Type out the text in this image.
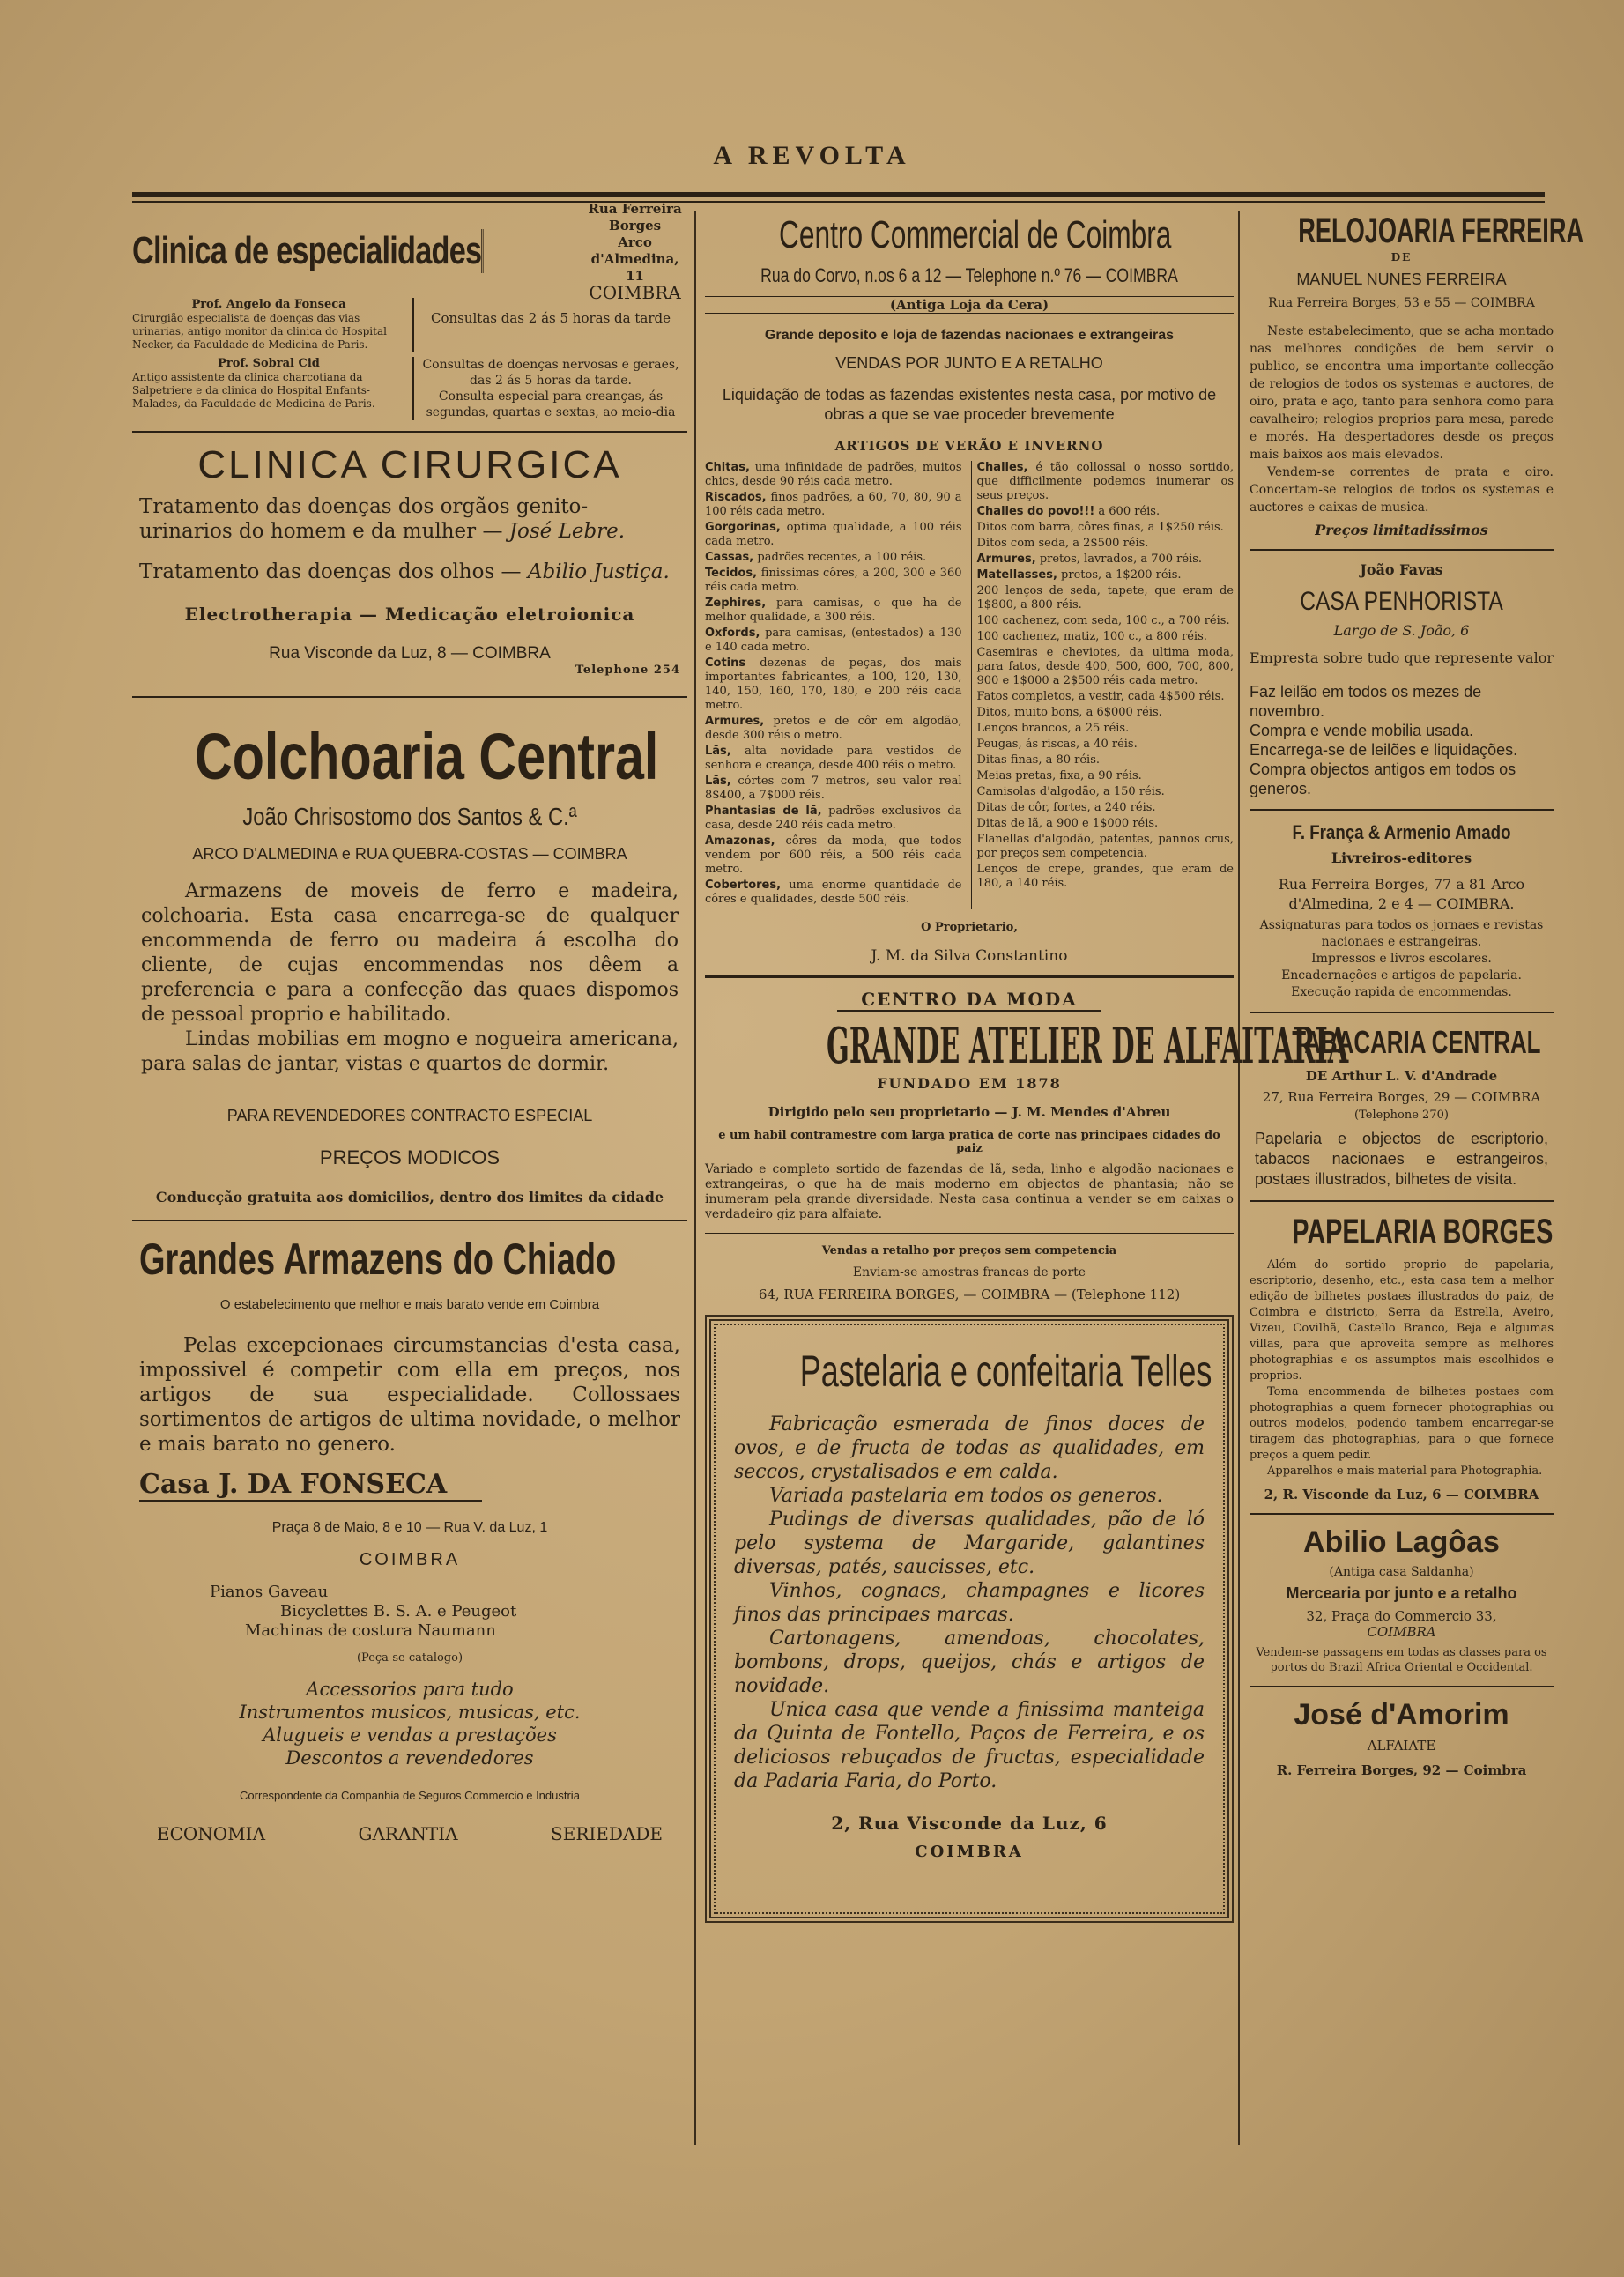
A REVOLTA
Clinica de especialidades
Rua Ferreira Borges
Arco d'Almedina, 11
COIMBRA
Prof. Angelo da Fonseca
Cirurgião especialista de doenças das vias urinarias, antigo monitor da clinica do Hospital Necker, da Faculdade de Medicina de Paris.
Consultas das 2 ás 5 horas da tarde
Prof. Sobral Cid
Antigo assistente da clinica charcotiana da Salpetriere e da clinica do Hospital Enfants-Malades, da Faculdade de Medicina de Paris.
Consultas de doenças nervosas e geraes, das 2 ás 5 horas da tarde.
Consulta especial para creanças, ás segundas, quartas e sextas, ao meio-dia
CLINICA CIRURGICA

Tratamento das doenças dos orgãos genito-urinarios do homem e da mulher — José Lebre.

Tratamento das doenças dos olhos — Abilio Justiça.

Electrotherapia — Medicação eletroionica
Rua Visconde da Luz, 8 — COIMBRA
Telephone 254
Colchoaria Central
João Chrisostomo dos Santos & C.ª
ARCO D'ALMEDINA e RUA QUEBRA-COSTAS — COIMBRA

Armazens de moveis de ferro e madeira, colchoaria. Esta casa encarrega-se de qualquer encommenda de ferro ou madeira á escolha do cliente, de cujas encommendas nos dêem a preferencia e para a confecção das quaes dispomos de pessoal proprio e habilitado.

Lindas mobilias em mogno e nogueira americana, para salas de jantar, vistas e quartos de dormir.

PARA REVENDEDORES CONTRACTO ESPECIAL
PREÇOS MODICOS
Conducção gratuita aos domicilios, dentro dos limites da cidade
Grandes Armazens do Chiado
O estabelecimento que melhor e mais barato vende em Coimbra

Pelas excepcionaes circumstancias d'esta casa, impossivel é competir com ella em preços, nos artigos de sua especialidade. Collossaes sortimentos de artigos de ultima novidade, o melhor e mais barato no genero.

Casa J. DA FONSECA
Praça 8 de Maio, 8 e 10 — Rua V. da Luz, 1
COIMBRA
Pianos Gaveau
Bicyclettes B. S. A. e Peugeot
Machinas de costura Naumann
(Peça-se catalogo)
Accessorios para tudo
Instrumentos musicos, musicas, etc.
Alugueis e vendas a prestações
Descontos a revendedores
Correspondente da Companhia de Seguros Commercio e Industria
ECONOMIA	GARANTIA	SERIEDADE
Centro Commercial de Coimbra
Rua do Corvo, n.os 6 a 12 — Telephone n.º 76 — COIMBRA
(Antiga Loja da Cera)
Grande deposito e loja de fazendas nacionaes e extrangeiras
VENDAS POR JUNTO E A RETALHO
Liquidação de todas as fazendas existentes nesta casa, por motivo de obras a que se vae proceder brevemente
ARTIGOS DE VERÃO E INVERNO
Chitas, uma infinidade de padrões, muitos chics, desde 90 réis cada metro.
Riscados, finos padrões, a 60, 70, 80, 90 a 100 réis cada metro.
Gorgorinas, optima qualidade, a 100 réis cada metro.
Cassas, padrões recentes, a 100 réis.
Tecidos, finissimas côres, a 200, 300 e 360 réis cada metro.
Zephires, para camisas, o que ha de melhor qualidade, a 300 réis.
Oxfords, para camisas, (entestados) a 130 e 140 cada metro.
Cotins dezenas de peças, dos mais importantes fabricantes, a 100, 120, 130, 140, 150, 160, 170, 180, e 200 réis cada metro.
Armures, pretos e de côr em algodão, desde 300 réis o metro.
Lãs, alta novidade para vestidos de senhora e creança, desde 400 réis o metro.
Lãs, córtes com 7 metros, seu valor real 8$400, a 7$000 réis.
Phantasias de lã, padrões exclusivos da casa, desde 240 réis cada metro.
Amazonas, côres da moda, que todos vendem por 600 réis, a 500 réis cada metro.
Cobertores, uma enorme quantidade de côres e qualidades, desde 500 réis.
Challes, é tão collossal o nosso sortido, que difficilmente podemos inumerar os seus preços.
Challes do povo!!! a 600 réis.
Ditos com barra, côres finas, a 1$250 réis.
Ditos com seda, a 2$500 réis.
Armures, pretos, lavrados, a 700 réis.
Matellasses, pretos, a 1$200 réis.
200 lenços de seda, tapete, que eram de 1$800, a 800 réis.
100 cachenez, com seda, 100 c., a 700 réis.
100 cachenez, matiz, 100 c., a 800 réis.
Casemiras e cheviotes, da ultima moda, para fatos, desde 400, 500, 600, 700, 800, 900 e 1$000 a 2$500 réis cada metro.
Fatos completos, a vestir, cada 4$500 réis.
Ditos, muito bons, a 6$000 réis.
Lenços brancos, a 25 réis.
Peugas, ás riscas, a 40 réis.
Ditas finas, a 80 réis.
Meias pretas, fixa, a 90 réis.
Camisolas d'algodão, a 150 réis.
Ditas de côr, fortes, a 240 réis.
Ditas de lã, a 900 e 1$000 réis.
Flanellas d'algodão, patentes, pannos crus, por preços sem competencia.
Lenços de crepe, grandes, que eram de 180, a 140 réis.
O Proprietario,
J. M. da Silva Constantino
CENTRO DA MODA
GRANDE ATELIER DE ALFAITARIA
FUNDADO EM 1878
Dirigido pelo seu proprietario — J. M. Mendes d'Abreu
e um habil contramestre com larga pratica de corte nas principaes cidades do paiz

Variado e completo sortido de fazendas de lã, seda, linho e algodão nacionaes e extrangeiras, o que ha de mais moderno em objectos de phantasia; não se inumeram pela grande diversidade. Nesta casa continua a vender se em caixas o verdadeiro giz para alfaiate.

Vendas a retalho por preços sem competencia
Enviam-se amostras francas de porte
64, RUA FERREIRA BORGES, — COIMBRA — (Telephone 112)
Pastelaria e confeitaria Telles

Fabricação esmerada de finos doces de ovos, e de fructa de todas as qualidades, em seccos, crystalisados e em calda.

Variada pastelaria em todos os generos.

Pudings de diversas qualidades, pão de ló pelo systema de Margaride, galantines diversas, patés, saucisses, etc.

Vinhos, cognacs, champagnes e licores finos das principaes marcas.

Cartonagens, amendoas, chocolates, bombons, drops, queijos, chás e artigos de novidade.

Unica casa que vende a finissima manteiga da Quinta de Fontello, Paços de Ferreira, e os deliciosos rebuçados de fructas, especialidade da Padaria Faria, do Porto.

2, Rua Visconde da Luz, 6
COIMBRA
RELOJOARIA FERREIRA
DE
MANUEL NUNES FERREIRA
Rua Ferreira Borges, 53 e 55 — COIMBRA

Neste estabelecimento, que se acha montado nas melhores condições de bem servir o publico, se encontra uma importante collecção de relogios de todos os systemas e auctores, de oiro, prata e aço, tanto para senhora como para cavalheiro; relogios proprios para mesa, parede e morés. Ha despertadores desde os preços mais baixos aos mais elevados.

Vendem-se correntes de prata e oiro. Concertam-se relogios de todos os systemas e auctores e caixas de musica.

Preços limitadissimos
João Favas
CASA PENHORISTA
Largo de S. João, 6
Empresta sobre tudo que represente valor
Faz leilão em todos os mezes de novembro.
Compra e vende mobilia usada.
Encarrega-se de leilões e liquidações.
Compra objectos antigos em todos os generos.
F. França & Armenio Amado
Livreiros-editores
Rua Ferreira Borges, 77 a 81 Arco d'Almedina, 2 e 4 — COIMBRA.
Assignaturas para todos os jornaes e revistas nacionaes e estrangeiras.
Impressos e livros escolares.
Encadernações e artigos de papelaria.
Execução rapida de encommendas.
TABACARIA CENTRAL
DE Arthur L. V. d'Andrade
27, Rua Ferreira Borges, 29 — COIMBRA
(Telephone 270)

Papelaria e objectos de escriptorio, tabacos nacionaes e estrangeiros, postaes illustrados, bilhetes de visita.

PAPELARIA BORGES

Além do sortido proprio de papelaria, escriptorio, desenho, etc., esta casa tem a melhor edição de bilhetes postaes illustrados do paiz, de Coimbra e districto, Serra da Estrella, Aveiro, Vizeu, Covilhã, Castello Branco, Beja e algumas villas, para que aproveita sempre as melhores photographias e os assumptos mais escolhidos e proprios.

Toma encommenda de bilhetes postaes com photographias a quem fornecer photographias ou outros modelos, podendo tambem encarregar-se tiragem das photographias, para o que fornece preços a quem pedir.

Apparelhos e mais material para Photographia.

2, R. Visconde da Luz, 6 — COIMBRA
Abilio Lagôas
(Antiga casa Saldanha)
Mercearia por junto e a retalho
32, Praça do Commercio 33,
COIMBRA

Vendem-se passagens em todas as classes para os portos do Brazil Africa Oriental e Occidental.

José d'Amorim
ALFAIATE
R. Ferreira Borges, 92 — Coimbra
